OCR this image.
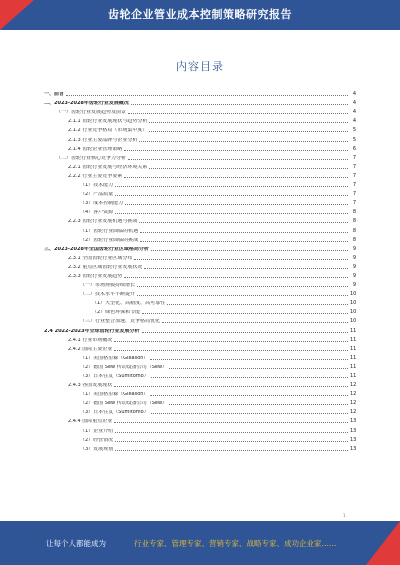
齿轮企业管业成本控制策略研究报告
内容目录
一、前言	4
二、2023-2028年齿轮行业发展概况	4
（一）齿轮行业发展趋势及前景	4
2.1.1 齿轮行业发展现状与趋势分析	4
2.1.2 行业竞争格局（市场集中度）	5
2.1.3 行业主要品牌与企业分析	5
2.1.4 齿轮企业管理策略	6
（二）齿轮行业核心竞争力分析	7
2.2.1 齿轮行业发展与经济环境关系	7
2.2.2 行业主要竞争要素	7
（1）技术能力	7
（2）产品质量	7
（3）成本控制能力	7
（4）客户资源	8
2.2.3 齿轮行业发展机遇与挑战	8
（1）齿轮行业面临的机遇	8
（2）齿轮行业面临的挑战	8
三、2023-2028年全国齿轮行业区域格局分析	9
2.3.1 全国齿轮行业区域分布	9
2.3.2 重点区域齿轮行业发展状况	9
2.3.3 齿轮行业发展趋势	9
（一）市场规模持续增长	9
（二）技术水平不断提升	10
（1）大型化、高精度、高可靠性	10
（2）绿色环保和节能	10
（三）行业整合加速、竞争格局优化	10
2.4 2022-2023年全球齿轮行业发展分析	11
2.4.1 行业市场概况	11
2.4.2 国际主要企业	11
（1）美国格里森（Gleason）	11
（2）德国 Sew 传动设备公司（Sew）	11
（3）日本住友（Sumitomo）	11
2.4.3 各国发展现状	12
（1）美国格里森（Gleason）	12
（2）德国 Sew 传动设备公司（Sew）	12
（3）日本住友（Sumitomo）	12
2.4.4 国际重点企业	13
（1）企业介绍	13
（2）经营情况	13
（3）发展规划	13
1
让每个人都能成为	行业专家、管理专家、营销专家、战略专家、成功企业家……
